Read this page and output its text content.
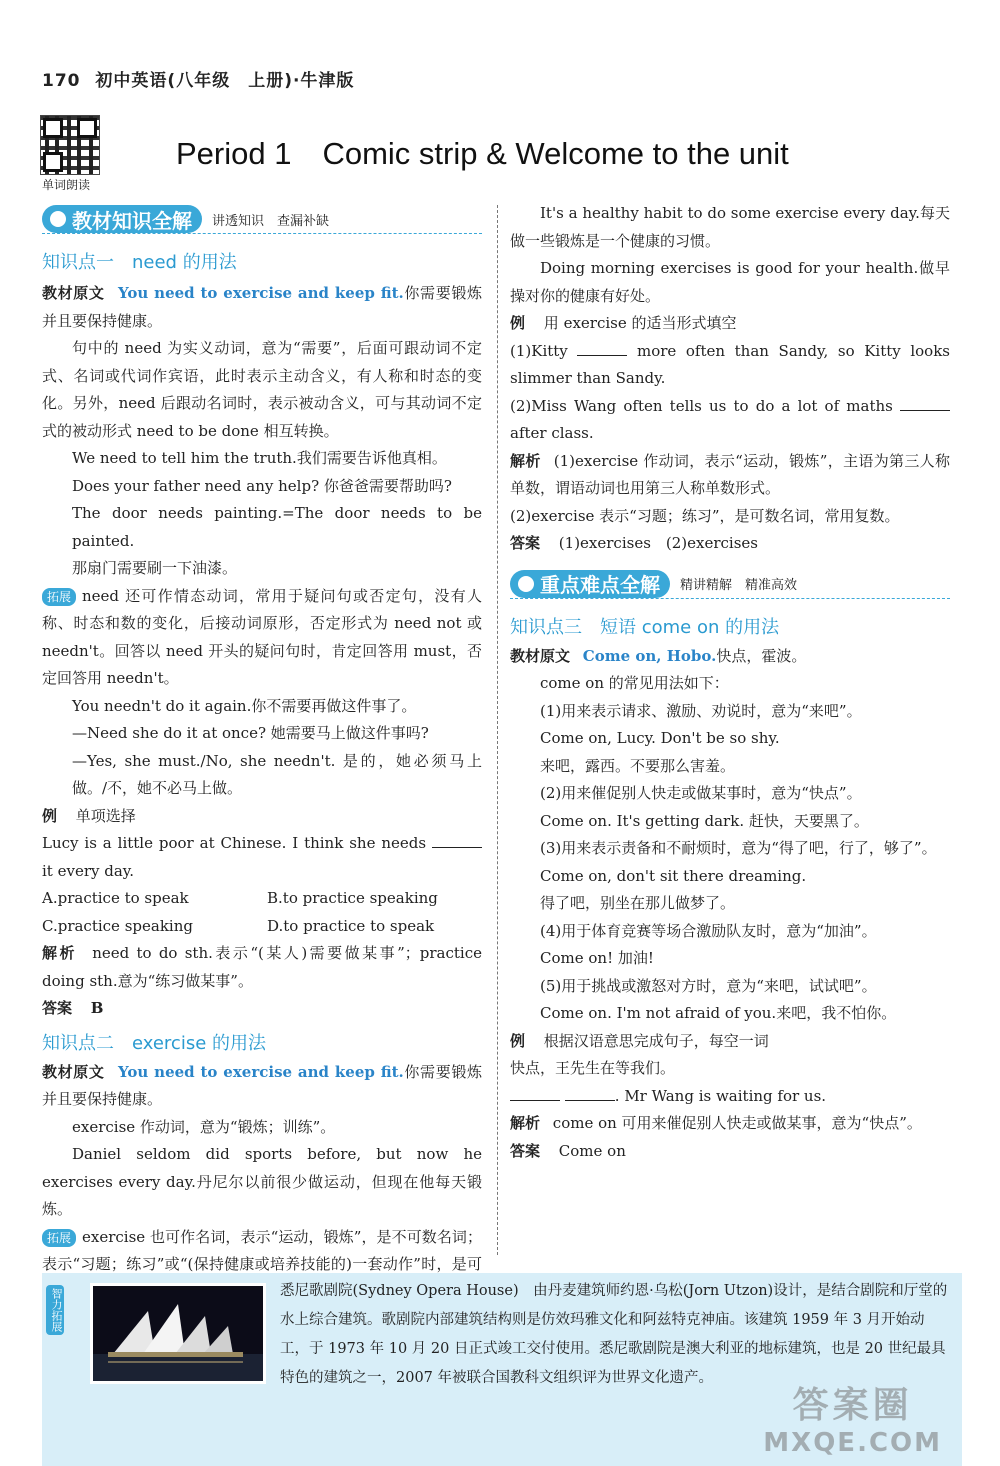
170 初中英语(八年级　上册)·牛津版
单词朗读
Period 1　Comic strip & Welcome to the unit
教材知识全解 讲透知识　查漏补缺
知识点一　need 的用法
教材原文 You need to exercise and keep fit.你需要锻炼并且要保持健康。
句中的 need 为实义动词，意为“需要”，后面可跟动词不定式、名词或代词作宾语，此时表示主动含义，有人称和时态的变化。另外，need 后跟动名词时，表示被动含义，可与其动词不定式的被动形式 need to be done 相互转换。
We need to tell him the truth.我们需要告诉他真相。
Does your father need any help? 你爸爸需要帮助吗?
The door needs painting.=The door needs to be painted.
那扇门需要刷一下油漆。
拓展 need 还可作情态动词，常用于疑问句或否定句，没有人称、时态和数的变化，后接动词原形，否定形式为 need not 或 needn't。回答以 need 开头的疑问句时，肯定回答用 must，否定回答用 needn't。
You needn't do it again.你不需要再做这件事了。
—Need she do it at once? 她需要马上做这件事吗?
—Yes, she must./No, she needn't. 是的，她必须马上做。/不，她不必马上做。
例 单项选择
Lucy is a little poor at Chinese. I think she needs  it every day.
A.practice to speak	B.to practice speaking
C.practice speaking	D.to practice to speak
解析 need to do sth.表示“(某人)需要做某事”；practice doing sth.意为“练习做某事”。
答案 B
知识点二　exercise 的用法
教材原文 You need to exercise and keep fit.你需要锻炼并且要保持健康。
exercise 作动词，意为“锻炼；训练”。
Daniel seldom did sports before, but now he exercises every day.丹尼尔以前很少做运动，但现在他每天锻炼。
拓展 exercise 也可作名词，表示“运动，锻炼”，是不可数名词；表示“习题；练习”或“(保持健康或培养技能的)一套动作”时，是可
It's a healthy habit to do some exercise every day.每天做一些锻炼是一个健康的习惯。
Doing morning exercises is good for your health.做早操对你的健康有好处。
例 用 exercise 的适当形式填空
(1)Kitty	more often than Sandy, so Kitty looks slimmer than Sandy.
(2)Miss Wang often tells us to do a lot of maths  after class.
解析 (1)exercise 作动词，表示“运动，锻炼”，主语为第三人称单数，谓语动词也用第三人称单数形式。
(2)exercise 表示“习题；练习”，是可数名词，常用复数。
答案 (1)exercises　(2)exercises
重点难点全解 精讲精解　精准高效
知识点三　短语 come on 的用法
教材原文 Come on, Hobo.快点，霍波。
come on 的常见用法如下：
(1)用来表示请求、激励、劝说时，意为“来吧”。
Come on, Lucy. Don't be so shy.
来吧，露西。不要那么害羞。
(2)用来催促别人快走或做某事时，意为“快点”。
Come on. It's getting dark. 赶快，天要黑了。
(3)用来表示责备和不耐烦时，意为“得了吧，行了，够了”。
Come on, don't sit there dreaming.
得了吧，别坐在那儿做梦了。
(4)用于体育竞赛等场合激励队友时，意为“加油”。
Come on! 加油!
(5)用于挑战或激怒对方时，意为“来吧，试试吧”。
Come on. I'm not afraid of you.来吧，我不怕你。
例 根据汉语意思完成句子，每空一词
快点，王先生在等我们。
. Mr Wang is waiting for us.
解析 come on 可用来催促别人快走或做某事，意为“快点”。
答案 Come on
智力拓展	悉尼歌剧院(Sydney Opera House)　由丹麦建筑师约恩·乌松(Jorn Utzon)设计，是结合剧院和厅堂的水上综合建筑。歌剧院内部建筑结构则是仿效玛雅文化和阿兹特克神庙。该建筑 1959 年 3 月开始动工，于 1973 年 10 月 20 日正式竣工交付使用。悉尼歌剧院是澳大利亚的地标建筑，也是 20 世纪最具特色的建筑之一，2007 年被联合国教科文组织评为世界文化遗产。
答案圈
MXQE.COM
